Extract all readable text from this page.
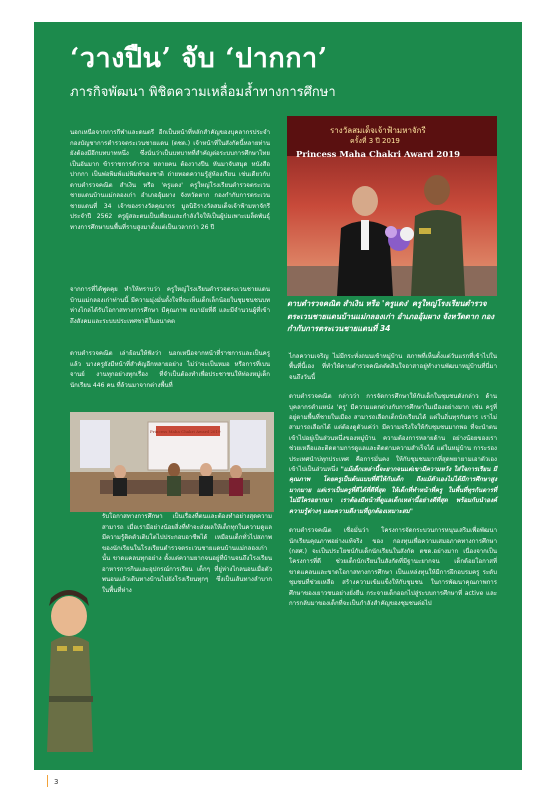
‘วางปืน’ จับ ‘ปากกา’
ภารกิจพัฒนา พิชิตความเหลื่อมล้ำทางการศึกษา
รางวัลสมเด็จเจ้าฟ้ามหาจักรี
ครั้งที่ 3 ปี 2019
Princess Maha Chakri Award 2019
ดาบตำรวจคณิต สำเงิน หรือ 'ครูแดง' ครูใหญ่โรงเรียนตำรวจตระเวนชายแดนบ้านแม่กลองเก่า อำเภออุ้มผาง จังหวัดตาก กองกำกับการตระเวนชายแดนที่ 34

นอกเหนือจากการกีฬาและดนตรี อีกเป็นหน้าที่หลักสำคัญของบุคลากรประจำกองบัญชาการตำรวจตระเวนชายแดน (ตชด.) เจ้าหน้าที่ในสังกัดนี้หลายท่านยังต้องมีอีกบทบาทหนึ่ง ซึ่งนั่นว่าเป็นบทบาทที่สำคัญต่อระบบการศึกษาไทยเป็นอันมาก ข้าราชการตำรวจ หลายคน ต้องวางปืน หันมาจับสมุด หนังสือ ปากกา เป็นพ่อพิมพ์แม่พิมพ์ของชาติ ถ่ายทอดความรู้สู่ห้องเรียน เช่นเดียวกับ ดาบตำรวจคณิต สำเงิน หรือ 'ครูแดง' ครูใหญ่โรงเรียนตำรวจตระเวนชายแดนบ้านแม่กลองเก่า อำเภออุ้มผาง จังหวัดตาก กองกำกับการตระเวนชายแดนที่ 34 เจ้าของรางวัลคุณากร มูลนิธิรางวัลสมเด็จเจ้าฟ้ามหาจักรี ประจำปี 2562 ครูผู้สละตนเป็นเพื่อนและกำลังใจให้เป็นผู้บ่มเพาะเมล็ดพันธุ์ทางการศึกษาบนพื้นที่ราบสูงมาตั้งแต่เป็นเวลากว่า 26 ปี

จากการที่ได้พูดคุย ทำให้ทราบว่า ครูใหญ่โรงเรียนตำรวจตระเวนชายแดนบ้านแม่กลองเก่าท่านนี้ มีความมุ่งมั่นตั้งใจที่จะเห็นเด็กเล็กน้อยในชุมชนชนบทห่างไกลได้รับโอกาสทางการศึกษา มีคุณภาพ อนามัยที่ดี และมีจำนวนผู้ที่เข้าถึงสังคมและระบบประเทศชาติในอนาคต

ดาบตำรวจคณิต เล่าย้อนให้ฟังว่า นอกเหนือจากหน้าที่ราชการและเป็นครูแล้ว นางครูยังมีหน้าที่สำคัญอีกหลายอย่าง ไม่ว่าจะเป็นหมอ หรือการที่เบนจานย์ งานทุกอย่างทุกเรื่อง ที่จำเป็นต้องทำเพื่อประชาชนให้ท่องหมู่เด็กนักเรียน 446 คน ที่ล้วนมาจากต่างพื้นที่

Princess Maha Chakri Award 2019

รับโอกาสทางการศึกษา เป็นเรื่องที่ตนและต้องทำอย่างสุดความสามารถ เมื่อเรามีอย่างน้อยสิ่งที่ทำจะส่งผลให้เด็กทุกในความดูแล มีความรู้ติดตัวเติบโตไปประกอบอาชีพได้ เหมือนเด็กทั่วไปสภาพของนักเรียนในโรงเรียนตำรวจตระเวนชายแดนบ้านแม่กลองเก่านั้น ขาดแคลนทุกอย่าง ตั้งแต่ความยากจนอยู่ที่บ้านจนถึงโรงเรียน อาหารการกินและอุปกรณ์การเรียน เด็กๆ ที่ยู่ห่างไกลนอนเมื่อตัวพนอนแล้วเดินทางบ้านไปยังโรงเรียนทุกๆ ซึ่งเป็นเส้นทางลำบากในพื้นที่ห่าง

ไกลความเจริญ ไม่มีกระทั่งถนนเข้าหมู่บ้าน สภาพที่เห็นตั้งแต่วันแรกที่เข้าไปในพื้นที่นี้เอง ที่ทำให้ดาบตำรวจคณิตตัดสินใจอาสาอยู่ทำงานพัฒนาหมู่บ้านที่นี่มาจนถึงวันนี้

ดาบตำรวจคณิต กล่าวว่า การจัดการศึกษาให้กับเด็กในชุมชนดังกล่าว ด้านบุคลากรตำแหน่ง 'ครู' มีความแตกต่างกับการศึกษาในเมืองอย่างมาก เช่น ครูที่อยู่ตามพื้นที่ชายในเมือง สามารถเลือกเด็กนักเรียนได้ แต่ในถิ่นทุรกันดาร เราไม่สามารถเลือกได้ แต่ต้องดูตัวแค่ว่า มีความจริงใจให้กับชุมชนมากพอ ที่จะนำตนเข้าไปอยู่เป็นส่วนหนึ่งของหมู่บ้าน ความต้องการหลายด้าน อย่างน้อยของเราช่วยเหลือและติดตามการดูแลและติดตามความสำเร็จได้ แต่ในหมู่บ้าน การะรองประเทศนำบ่ทุกประเทศ คือการมั่นคง ให้กับชุมชนมากที่สุดพยายามเอาตัวเองเข้าไปเป็นส่วนหนึ่ง "แม้เด็กเหล่านี้จะยากจนแต่เขามีความหวัง ใส่ใจการเรียน มีคุณภาพ โดยครูเป็นต้นแบบที่ดีให้กับเด็ก ถึงแม้ตัวเองไม่ได้มีการศึกษาสูงมากมาย แต่เราเป็นครูที่ดีได้ที่ดีที่สุด ให้เด็กที่ทำหน้าที่ครู ในพื้นที่ทุรกันดารที่ไม่มีใครอยากมา เราต้องมีหน้าที่ดูแลเด็กเหล่านี้อย่างดีที่สุด พร้อมกับนำองค์ความรู้ต่างๆ และความดีงามที่ถูกต้องเหมาะสม"

ดาบตำรวจคณิต เชื่อมั่นว่า โครงการจัดกระบวนการหนุนเสริมเพื่อพัฒนานักเรียนคุณภาพอย่างแท้จริง ของ กองทุนเพื่อความเสมอภาคทางการศึกษา (กสศ.) จะเป็นประโยชน์กับเด็กนักเรียนในสังกัด ตชด.อย่างมาก เนื่องจากเป็นโครงการที่ดี ช่วยเด็กนักเรียนในสังกัดที่มีฐานะยากจน เด็กด้อยโอกาสที่ขาดแคลนและขาดโอกาสทางการศึกษา เป็นแหล่งทุนให้มีการฝึกอบรมครู ระดับชุมชนที่ช่วยเหลือ สร้างความเข้มแข็งให้กับชุมชน ในการพัฒนาคุณภาพการศึกษาของเยาวชนอย่างยั่งยืน กระจายเด็กออกไปสู่ระบบการศึกษาที่ active และการกลับมาของเด็กที่จะเป็นกำลังสำคัญของชุมชนต่อไป

3
